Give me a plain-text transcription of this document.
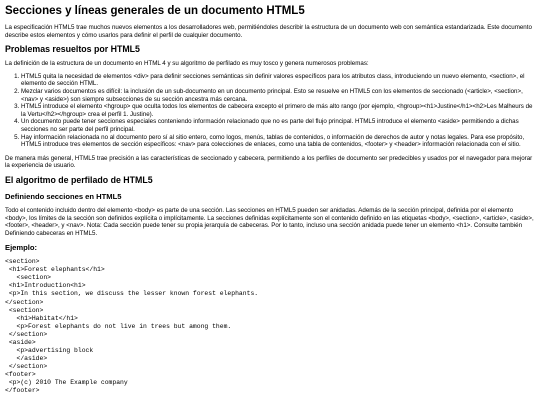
Secciones y líneas generales de un documento HTML5

La especificación HTML5 trae muchos nuevos elementos a los desarrolladores web, permitiéndoles describir la estructura de un documento web con semántica estandarizada. Este documento describe estos elementos y cómo usarlos para definir el perfil de cualquier documento.

Problemas resueltos por HTML5

La definición de la estructura de un documento en HTML 4 y su algoritmo de perfilado es muy tosco y genera numerosos problemas:

1. HTML5 quita la necesidad de elementos <div> para definir secciones semánticas sin definir valores específicos para los atributos class, introduciendo un nuevo elemento, <section>, el elemento de sección HTML.
2. Mezclar varios documentos es difícil: la inclusión de un sub-documento en un documento principal. Esto se resuelve en HTML5 con los elementos de seccionado (<article>, <section>, <nav> y <aside>) son siempre subsecciones de su sección ancestra más cercana.
3. HTML5 introduce el elemento <hgroup> que oculta todos los elementos de cabecera excepto el primero de más alto rango (por ejemplo, <hgroup><h1>Justine</h1><h2>Les Malheurs de la Vertu</h2></hgroup> crea el perfil 1. Justine).
4. Un documento puede tener secciones especiales conteniendo información relacionado que no es parte del flujo principal. HTML5 introduce el elemento <aside> permitiendo a dichas secciones no ser parte del perfil principal.
5. Hay información relacionada no al documento pero sí al sitio entero, como logos, menús, tablas de contenidos, o información de derechos de autor y notas legales. Para ese propósito, HTML5 introduce tres elementos de sección específicos: <nav> para colecciones de enlaces, como una tabla de contenidos, <footer> y <header> información relacionada con el sitio.

De manera más general, HTML5 trae precisión a las características de seccionado y cabecera, permitiendo a los perfiles de documento ser predecibles y usados por el navegador para mejorar la experiencia de usuario.

El algoritmo de perfilado de HTML5
Definiendo secciones en HTML5

Todo el contenido incluido dentro del elemento <body> es parte de una sección. Las secciones en HTML5 pueden ser anidadas. Además de la sección principal, definida por el elemento <body>, los límites de la sección son definidos explícita o implícitamente. La secciones definidas explícitamente son el contenido definido en las etiquetas <body>, <section>, <article>, <aside>, <footer>, <header>, y <nav>. Nota: Cada sección puede tener su propia jerarquía de cabeceras. Por lo tanto, incluso una sección anidada puede tener un elemento <h1>. Consulte también Definiendo cabeceras en HTML5.

Ejemplo:
<section>
<h1>Forest elephants</h1>
<section>
<h1>Introduction<h1>
<p>In this section, we discuss the lesser known forest elephants.
</section>
<section>
<h1>Habitat</h1>
<p>Forest elephants do not live in trees but among them.
</section>
<aside>
<p>advertising block
</aside>
</section>
<footer>
<p>(c) 2010 The Example company
</footer>
